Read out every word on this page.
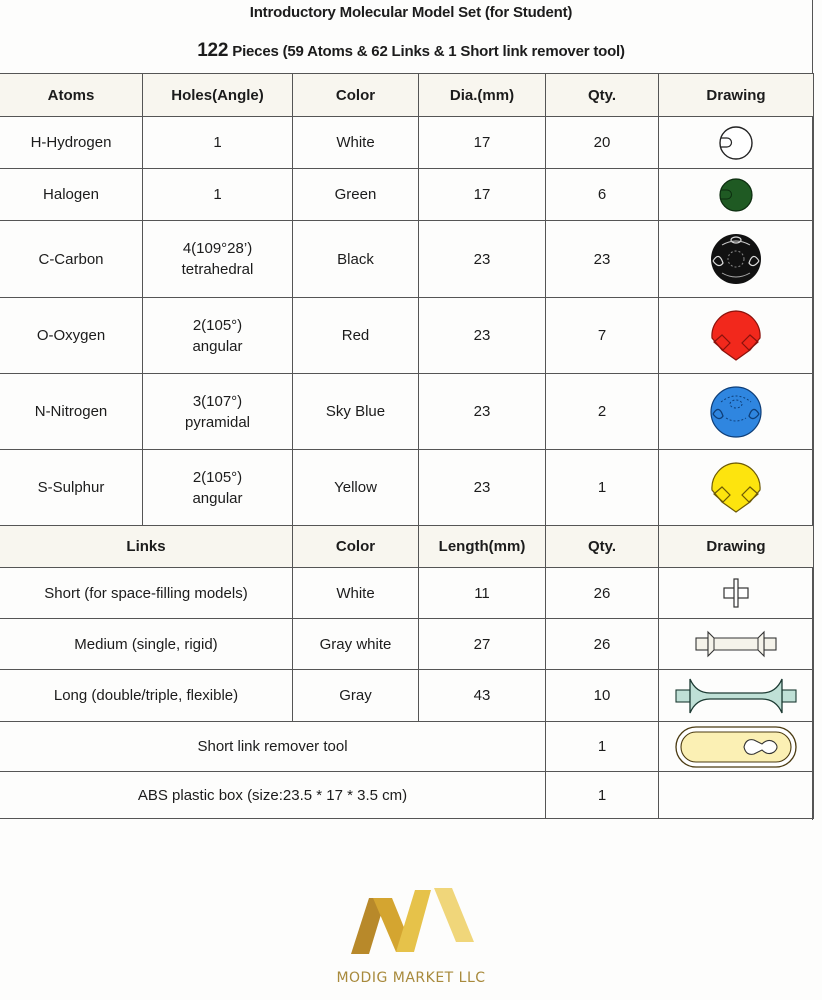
Introductory Molecular Model Set (for Student)
122 Pieces (59 Atoms & 62 Links & 1 Short link remover tool)
Atoms	Holes(Angle)	Color	Dia.(mm)	Qty.	Drawing
H-Hydrogen	1	White	17	20	

Halogen	1	Green	17	6	

C-Carbon	4(109°28’)
tetrahedral	Black	23	23	

O-Oxygen	2(105°)
angular	Red	23	7	

N-Nitrogen	3(107°)
pyramidal	Sky Blue	23	2	

S-Sulphur	2(105°)
angular	Yellow	23	1	

Links		Color	Length(mm)	Qty.	Drawing
Short (for space-filling models)		White	11	26	

Medium (single, rigid)		Gray white	27	26	

Long (double/triple, flexible)		Gray	43	10	

Short link remover tool				1	

ABS plastic box (size:23.5 * 17 * 3.5 cm)				1	
MODIG MARKET LLC
